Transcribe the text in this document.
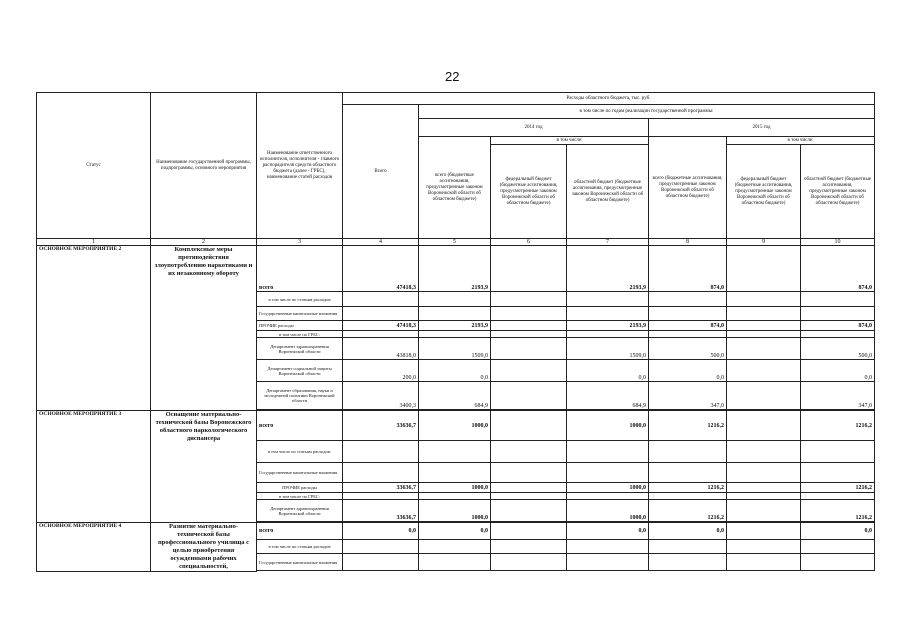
22
Статус	Наименование государственной программы, подпрограммы, основного мероприятия	Наименование ответственного исполнителя, исполнителя - главного распорядителя средств областного бюджета (далее - ГРБС), наименование статей расходов	Расходы областного бюджета, тыс. руб.						
			Всего	в том числе по годам реализации государственной программы:					
				2014 год			2015 год		
				всего (бюджетные ассигнования, предусмотренные законом Воронежской области об областном бюджете)	в том числе:		всего (бюджетные ассигнования, предусмотренные законом Воронежской области об областном бюджете)	в том числе:	
					федеральный бюджет (бюджетные ассигнования, предусмотренные законом Воронежской области об областном бюджете)	областной бюджет (бюджетные ассигнования, предусмотренные законом Воронежской области об областном бюджете)		федеральный бюджет (бюджетные ассигнования, предусмотренные законом Воронежской области об областном бюджете)	областной бюджет (бюджетные ассигнования, предусмотренные законом Воронежской области об областном бюджете)
1	2	3	4	5	6	7	8	9	10
ОСНОВНОЕ МЕРОПРИЯТИЕ 2	Комплексные меры противодействия злоупотреблению наркотиками и их незаконному обороту	всего	47418,3	2193,9		2193,9	874,0		874,0
		в том числе по статьям расходов							
		Государственные капитальные вложения							
		ПРОЧИЕ расходы	47418,3	2193,9		2193,9	874,0		874,0
		в том числе по ГРБС:							
		Департамент здравоохранения Воронежской области	43818,0	1509,0		1509,0	500,0		500,0
		Департамент социальной защиты Воронежской области	200,0	0,0		0,0	0,0		0,0
		Департамент образования, науки и молодежной политики Воронежской области	3400,3	684,9		684,9	347,0		347,0

ОСНОВНОЕ МЕРОПРИЯТИЕ 3	Оснащение материально-технической базы Воронежского областного наркологического диспансера	всего	33636,7	1000,0		1000,0	1216,2		1216,2
		в том числе по статьям расходов:							
		Государственные капитальные вложения							
		ПРОЧИЕ расходы	33636,7	1000,0		1000,0	1216,2		1216,2
		в том числе по ГРБС:							
		Департамент здравоохранения Воронежской области	33636,7	1000,0		1000,0	1216,2		1216,2

ОСНОВНОЕ МЕРОПРИЯТИЕ 4	Развитие материально-технической базы профессионального училища с целью приобретения осужденными рабочих специальностей,	всего	0,0	0,0		0,0	0,0		0,0
		в том числе по статьям расходов							
		Государственные капитальные вложения							
